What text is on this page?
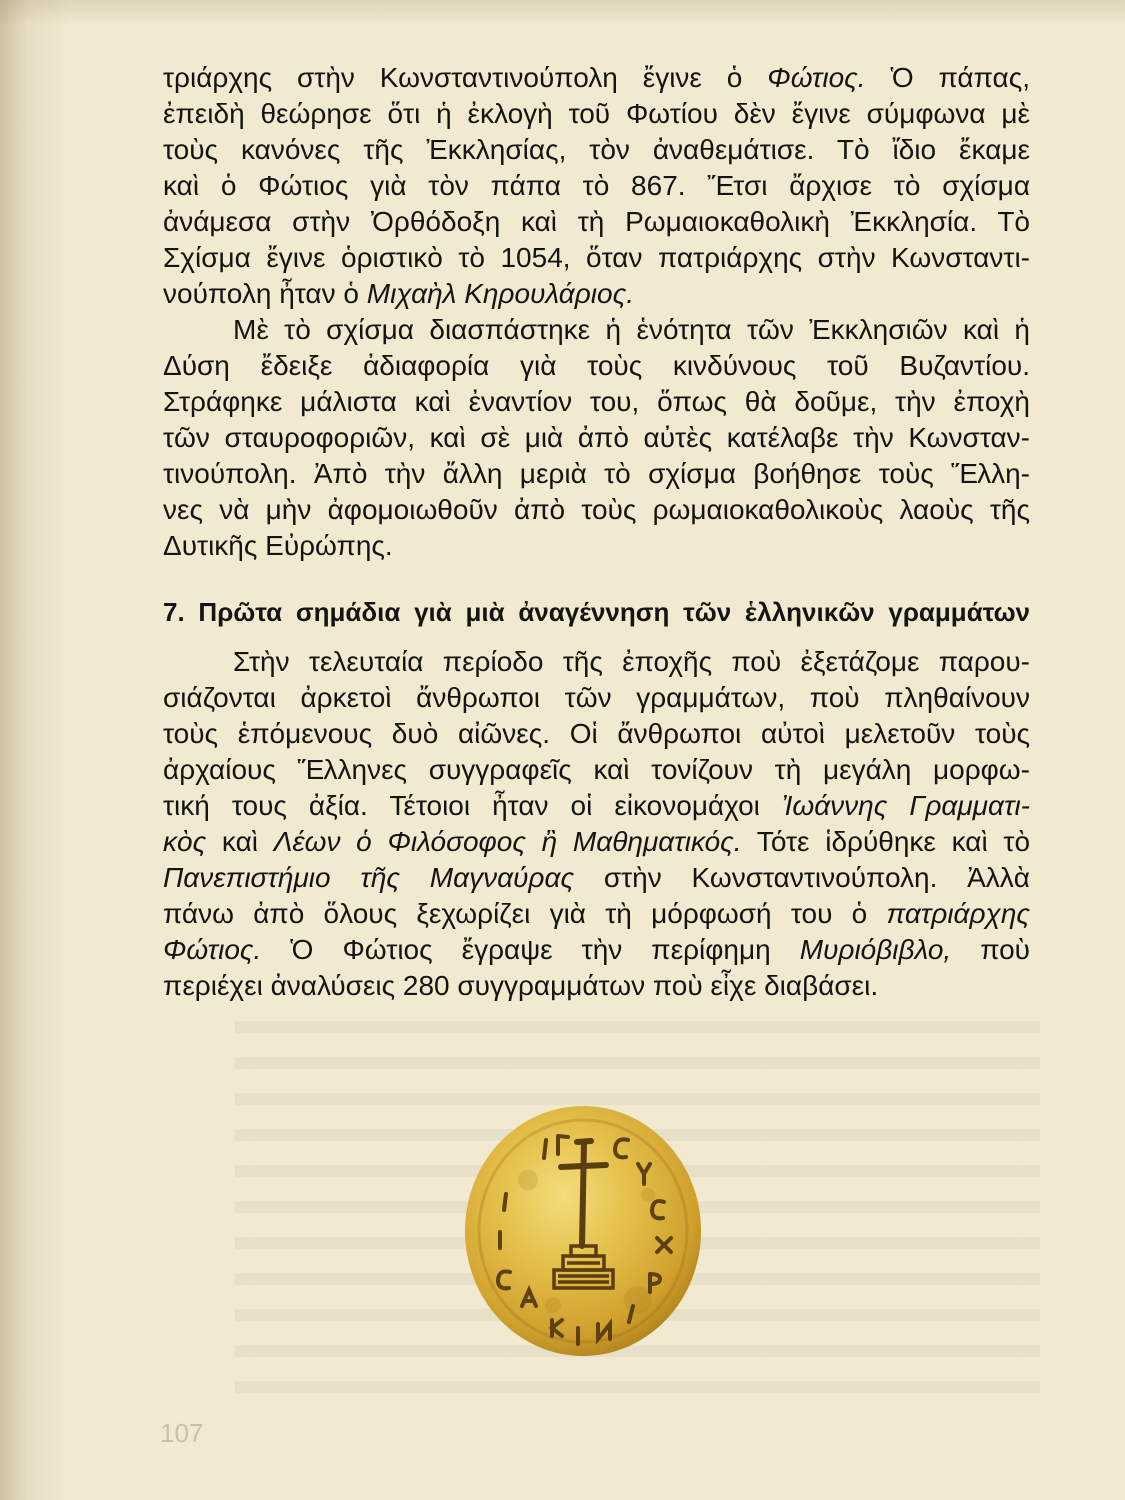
τριάρχης στὴν Κωνσταντινούπολη ἔγινε ὁ Φώτιος. Ὁ πάπας,
ἐπειδὴ θεώρησε ὅτι ἡ ἐκλογὴ τοῦ Φωτίου δὲν ἔγινε σύμφωνα μὲ
τοὺς κανόνες τῆς Ἐκκλησίας, τὸν ἀναθεμάτισε. Τὸ ἴδιο ἔκαμε
καὶ ὁ Φώτιος γιὰ τὸν πάπα τὸ 867. Ἔτσι ἄρχισε τὸ σχίσμα
ἀνάμεσα στὴν Ὀρθόδοξη καὶ τὴ Ρωμαιοκαθολικὴ Ἐκκλησία. Τὸ
Σχίσμα ἔγινε ὁριστικὸ τὸ 1054, ὅταν πατριάρχης στὴν Κωνσταντι-
νούπολη ἦταν ὁ Μιχαὴλ Κηρουλάριος.
Μὲ τὸ σχίσμα διασπάστηκε ἡ ἑνότητα τῶν Ἐκκλησιῶν καὶ ἡ
Δύση ἔδειξε ἀδιαφορία γιὰ τοὺς κινδύνους τοῦ Βυζαντίου.
Στράφηκε μάλιστα καὶ ἐναντίον του, ὅπως θὰ δοῦμε, τὴν ἐποχὴ
τῶν σταυροφοριῶν, καὶ σὲ μιὰ ἀπὸ αὐτὲς κατέλαβε τὴν Κωνσταν-
τινούπολη. Ἀπὸ τὴν ἄλλη μεριὰ τὸ σχίσμα βοήθησε τοὺς Ἕλλη-
νες νὰ μὴν ἀφομοιωθοῦν ἀπὸ τοὺς ρωμαιοκαθολικοὺς λαοὺς τῆς
Δυτικῆς Εὐρώπης.
7. Πρῶτα σημάδια γιὰ μιὰ ἀναγέννηση τῶν ἑλληνικῶν γραμμάτων
Στὴν τελευταία περίοδο τῆς ἐποχῆς ποὺ ἐξετάζομε παρου-
σιάζονται ἀρκετοὶ ἄνθρωποι τῶν γραμμάτων, ποὺ πληθαίνουν
τοὺς ἑπόμενους δυὸ αἰῶνες. Οἱ ἄνθρωποι αὐτοὶ μελετοῦν τοὺς
ἀρχαίους Ἕλληνες συγγραφεῖς καὶ τονίζουν τὴ μεγάλη μορφω-
τική τους ἀξία. Τέτοιοι ἦταν οἱ εἰκονομάχοι Ἰωάννης Γραμματι-
κὸς καὶ Λέων ὁ Φιλόσοφος ἢ Μαθηματικός. Τότε ἱδρύθηκε καὶ τὸ
Πανεπιστήμιο τῆς Μαγναύρας στὴν Κωνσταντινούπολη. Ἀλλὰ
πάνω ἀπὸ ὅλους ξεχωρίζει γιὰ τὴ μόρφωσή του ὁ πατριάρχης
Φώτιος. Ὁ Φώτιος ἔγραψε τὴν περίφημη Μυριόβιβλο, ποὺ
περιέχει ἀναλύσεις 280 συγγραμμάτων ποὺ εἶχε διαβάσει.
107
